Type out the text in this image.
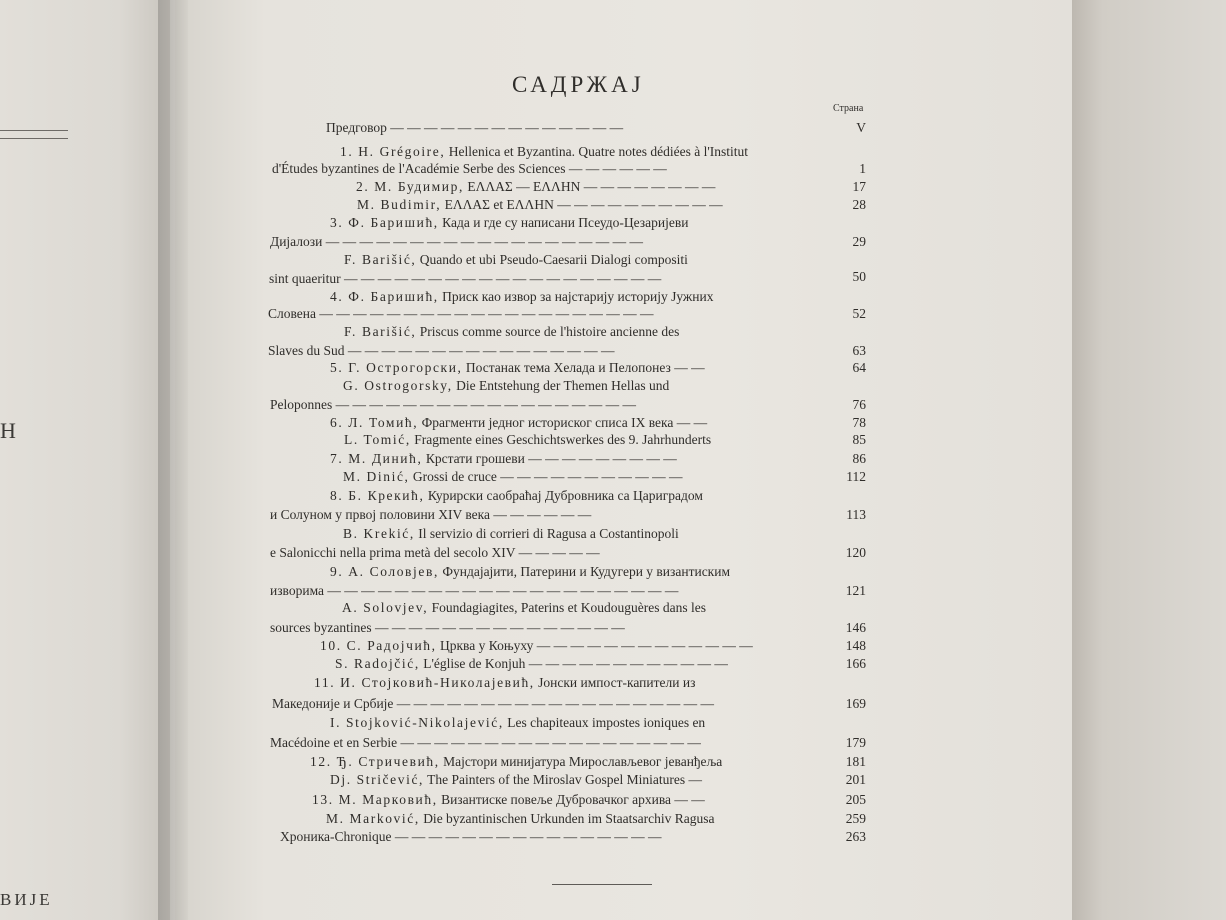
Н
ВИЈЕ
САДРЖАЈ
Страна
Предговор — — — — — — — — — — — — — —	V
1. H. Grégoire, Hellenica et Byzantina. Quatre notes dédiées à l'Institut
d'Études byzantines de l'Académie Serbe des Sciences — — — — — —	1
2. М. Будимир, ΕΛΛΑΣ — ΕΛΛΗΝ — — — — — — — —	17
M. Budimir, ΕΛΛΑΣ et ΕΛΛΗΝ — — — — — — — — — —	28
3. Ф. Баришић, Када и где су написани Псеудо-Цезаријеви
Дијалози — — — — — — — — — — — — — — — — — — —	29
F. Barišić, Quando et ubi Pseudo-Caesarii Dialogi compositi
sint quaeritur — — — — — — — — — — — — — — — — — — —	50
4. Ф. Баришић, Приск као извор за најстарију историју Јужних
Словена — — — — — — — — — — — — — — — — — — — —	52
F. Barišić, Priscus comme source de l'histoire ancienne des
Slaves du Sud — — — — — — — — — — — — — — — —	63
5. Г. Острогорски, Постанак тема Хелада и Пелопонез — —	64
G. Ostrogorsky, Die Entstehung der Themen Hellas und
Peloponnes — — — — — — — — — — — — — — — — — —	76
6. Л. Томић, Фрагменти једног историског списа IX века — —	78
L. Tomić, Fragmente eines Geschichtswerkes des 9. Jahrhunderts	85
7. М. Динић, Крстати грошеви — — — — — — — — —	86
M. Dinić, Grossi de cruce — — — — — — — — — — —	112
8. Б. Крекић, Курирски саобраћај Дубровника са Цариградом
и Солуном у првој половини XIV века — — — — — —	113
B. Krekić, Il servizio di corrieri di Ragusa a Costantinopoli
e Salonicchi nella prima metà del secolo XIV — — — — —	120
9. А. Соловјев, Фундајајити, Патерини и Кудугери у византиским
изворима — — — — — — — — — — — — — — — — — — — — —	121
A. Solovjev, Foundagiagites, Paterins et Koudouguères dans les
sources byzantines — — — — — — — — — — — — — — —	146
10. С. Радојчић, Црква у Коњуху — — — — — — — — — — — — —	148
S. Radojčić, L'église de Konjuh — — — — — — — — — — — —	166
11. И. Стојковић-Николајевић, Јонски импост-капители из
Македоније и Србије — — — — — — — — — — — — — — — — — — —	169
I. Stojković-Nikolajević, Les chapiteaux impostes ioniques en
Macédoine et en Serbie — — — — — — — — — — — — — — — — — —	179
12. Ђ. Стричевић, Мајстори минијатура Мирослављевог јеванђеља	181
Dj. Stričević, The Painters of the Miroslav Gospel Miniatures —	201
13. М. Марковић, Византиске повеље Дубровачког архива — —	205
M. Marković, Die byzantinischen Urkunden im Staatsarchiv Ragusa	259
Хроника-Chronique — — — — — — — — — — — — — — — —	263
